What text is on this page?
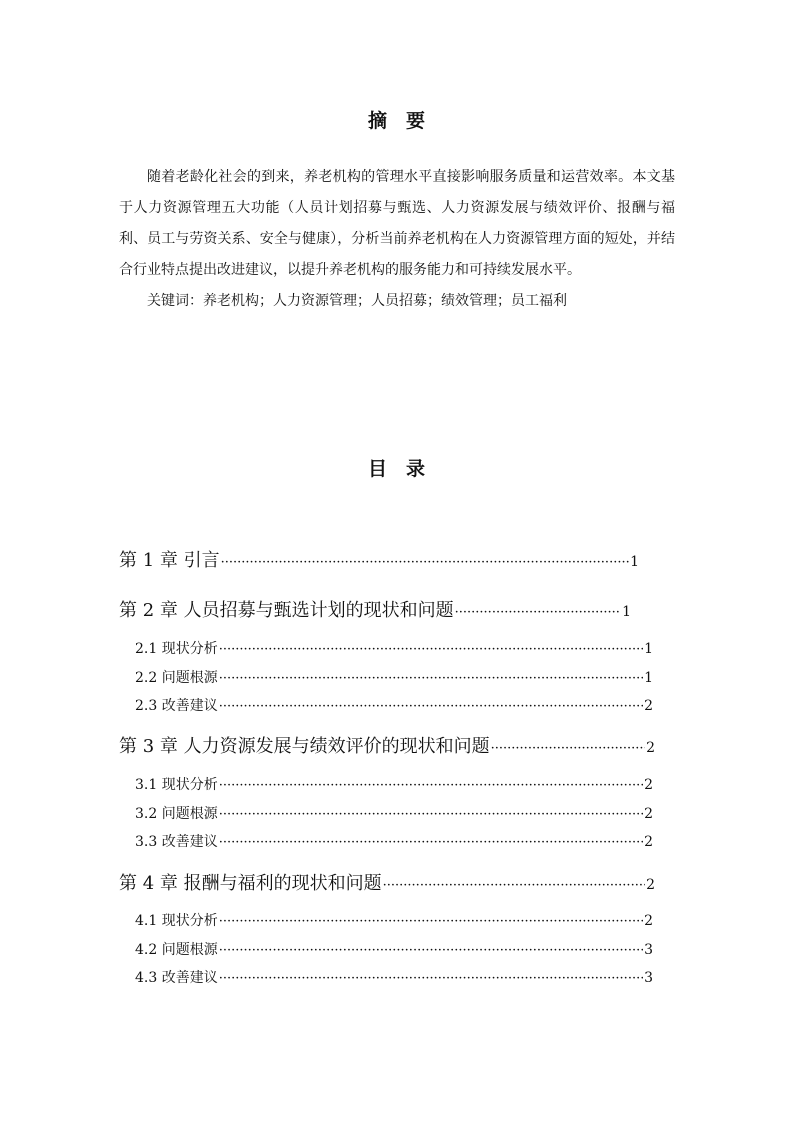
摘　要

随着老龄化社会的到来，养老机构的管理水平直接影响服务质量和运营效率。本文基于人力资源管理五大功能（人员计划招募与甄选、人力资源发展与绩效评价、报酬与福利、员工与劳资关系、安全与健康），分析当前养老机构在人力资源管理方面的短处，并结合行业特点提出改进建议，以提升养老机构的服务能力和可持续发展水平。

关键词：养老机构；人力资源管理；人员招募；绩效管理；员工福利

目　录
第 1 章 引言 ·····	1
第 2 章 人员招募与甄选计划的现状和问题 ·····	1
2.1 现状分析 ·····	1
2.2 问题根源 ·····	1
2.3 改善建议 ·····	2
第 3 章 人力资源发展与绩效评价的现状和问题 ·····	2
3.1 现状分析 ·····	2
3.2 问题根源 ·····	2
3.3 改善建议 ·····	2
第 4 章 报酬与福利的现状和问题 ·····	2
4.1 现状分析 ·····	2
4.2 问题根源 ·····	3
4.3 改善建议 ·····	3
